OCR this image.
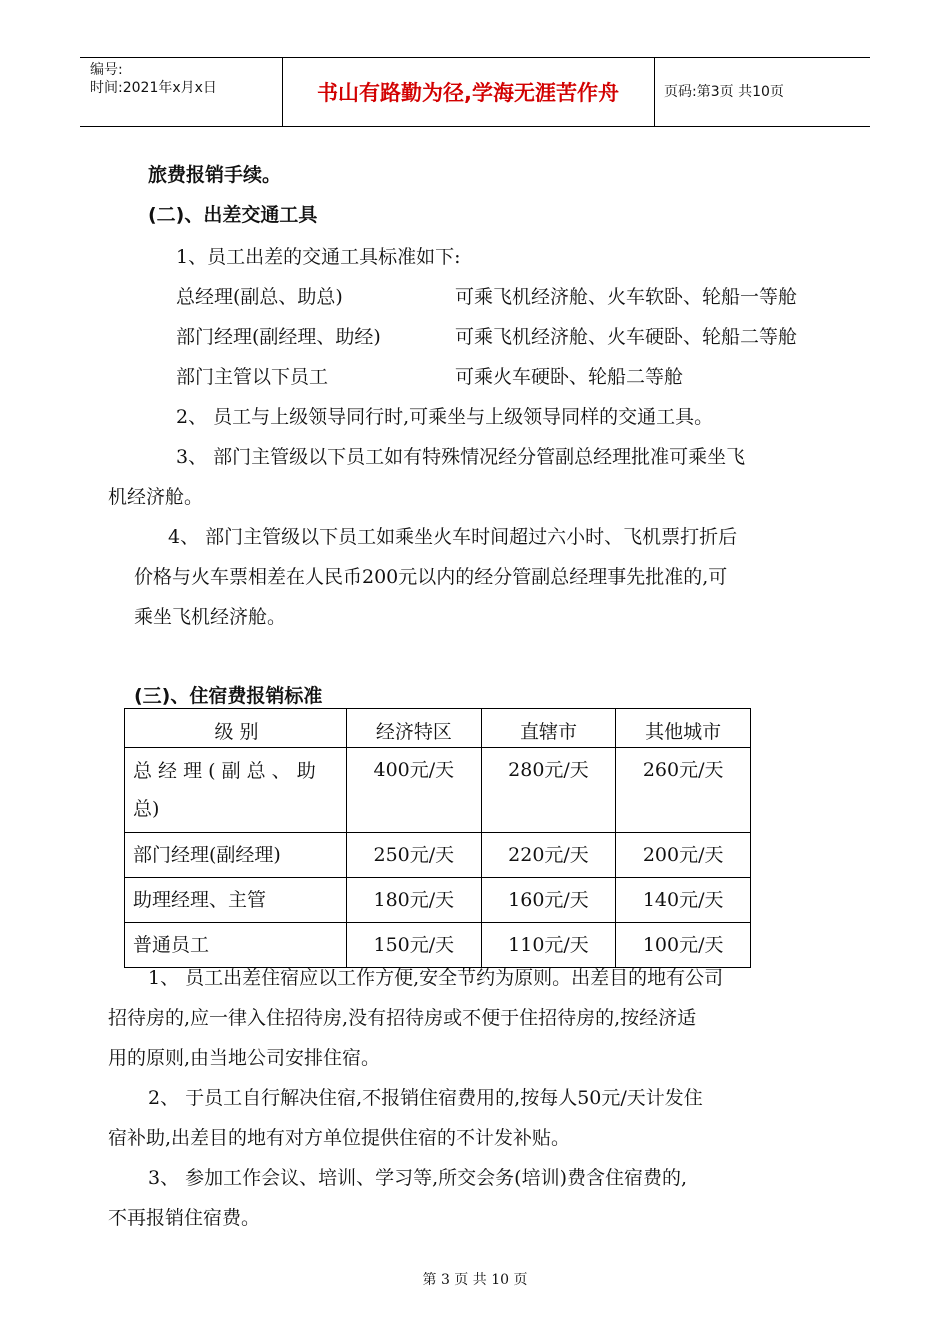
编号:
时间:2021年x月x日	书山有路勤为径,学海无涯苦作舟	页码:第3页 共10页
旅费报销手续。
(二)、出差交通工具
1、员工出差的交通工具标准如下:
总经理(副总、助总)	可乘飞机经济舱、火车软卧、轮船一等舱
部门经理(副经理、助经)	可乘飞机经济舱、火车硬卧、轮船二等舱
部门主管以下员工	可乘火车硬卧、轮船二等舱
2、 员工与上级领导同行时,可乘坐与上级领导同样的交通工具。
3、 部门主管级以下员工如有特殊情况经分管副总经理批准可乘坐飞
机经济舱。
4、 部门主管级以下员工如乘坐火车时间超过六小时、飞机票打折后
价格与火车票相差在人民币200元以内的经分管副总经理事先批准的,可
乘坐飞机经济舱。
(三)、住宿费报销标准
级 别	经济特区	直辖市	其他城市
总 经 理 ( 副 总 、 助 总)	400元/天	280元/天	260元/天
部门经理(副经理)	250元/天	220元/天	200元/天
助理经理、主管	180元/天	160元/天	140元/天
普通员工	150元/天	110元/天	100元/天
1、 员工出差住宿应以工作方便,安全节约为原则。出差目的地有公司
招待房的,应一律入住招待房,没有招待房或不便于住招待房的,按经济适
用的原则,由当地公司安排住宿。
2、 于员工自行解决住宿,不报销住宿费用的,按每人50元/天计发住
宿补助,出差目的地有对方单位提供住宿的不计发补贴。
3、 参加工作会议、培训、学习等,所交会务(培训)费含住宿费的,
不再报销住宿费。
第 3 页 共 10 页
